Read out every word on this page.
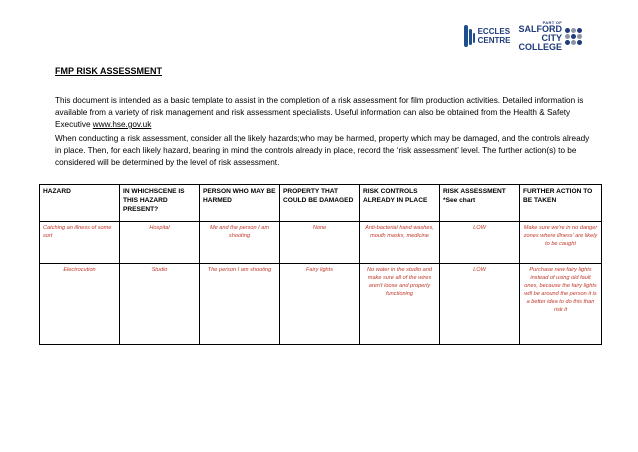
ECCLES
CENTRE
PART OF
SALFORD
CITY
COLLEGE
FMP RISK ASSESSMENT

This document is intended as a basic template to assist in the completion of a risk assessment for film production activities. Detailed information is available from a variety of risk management and risk assessment specialists. Useful information can also be obtained from the Health & Safety Executive www.hse.gov.uk

When conducting a risk assessment, consider all the likely hazards;who may be harmed, property which may be damaged, and the controls already in place. Then, for each likely hazard, bearing in mind the controls already in place, record the ‘risk assessment’ level. The further action(s) to be considered will be determined by the level of risk assessment.

HAZARD	IN WHICHSCENE IS THIS HAZARD PRESENT?	PERSON WHO MAY BE HARMED	PROPERTY THAT COULD BE DAMAGED	RISK CONTROLS ALREADY IN PLACE	RISK ASSESSMENT *See chart	FURTHER ACTION TO BE TAKEN
Catching an illness of some sort	Hospital	Me and the person I am shooting	None	Anti-bacterial hand washes, mouth masks, medicine	LOW	Make sure we're in no danger zones where illness' are likely to be caught
Electrocution	Studio	The person I am shooting	Fairy lights	No water in the studio and make sure all of the wires aren't loose and properly functioning	LOW	Purchase new fairy lights instead of using old fault ones, because the fairy lights will be around the person it is a better idea to do this than risk it
